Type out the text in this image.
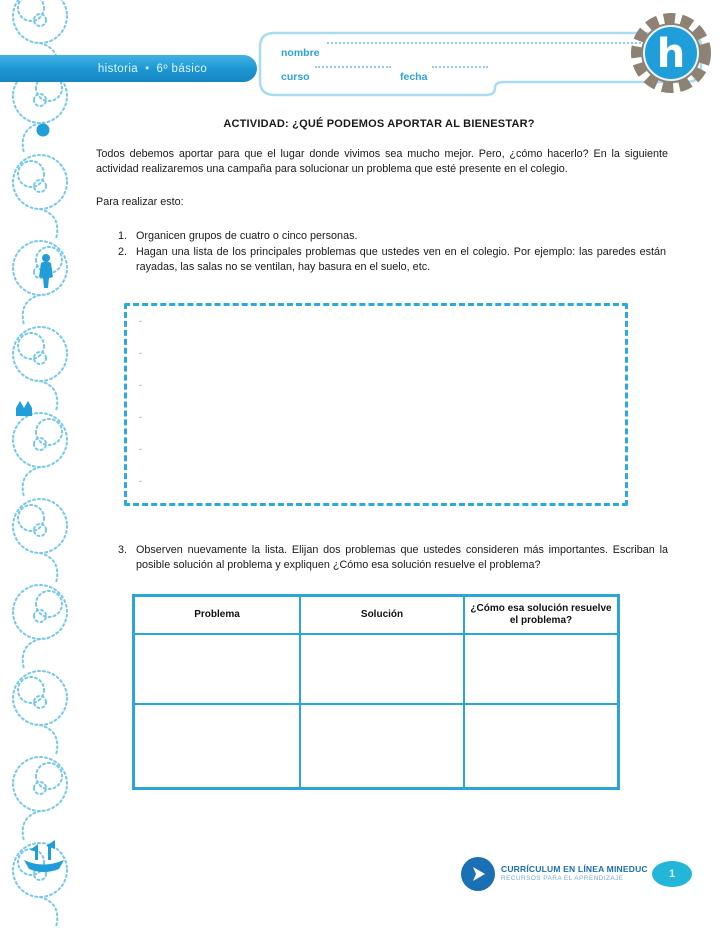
historia • 6º básico
nombre
curso	fecha	h
ACTIVIDAD: ¿QUÉ PODEMOS APORTAR AL BIENESTAR?
Todos debemos aportar para que el lugar donde vivimos sea mucho mejor. Pero, ¿cómo hacerlo? En la siguiente actividad realizaremos una campaña para solucionar un problema que esté presente en el colegio.
Para realizar esto:
1. Organicen grupos de cuatro o cinco personas.
2. Hagan una lista de los principales problemas que ustedes ven en el colegio. Por ejemplo: las paredes están rayadas, las salas no se ventilan, hay basura en el suelo, etc.
-
-
-
-
-
-
3. Observen nuevamente la lista. Elijan dos problemas que ustedes consideren más importantes. Escriban la posible solución al problema y expliquen ¿Cómo esa solución resuelve el problema?
Problema	Solución	¿Cómo esa solución resuelve el problema?

CURRÍCULUM EN LÍNEA MINEDUC
RECURSOS PARA EL APRENDIZAJE	1
